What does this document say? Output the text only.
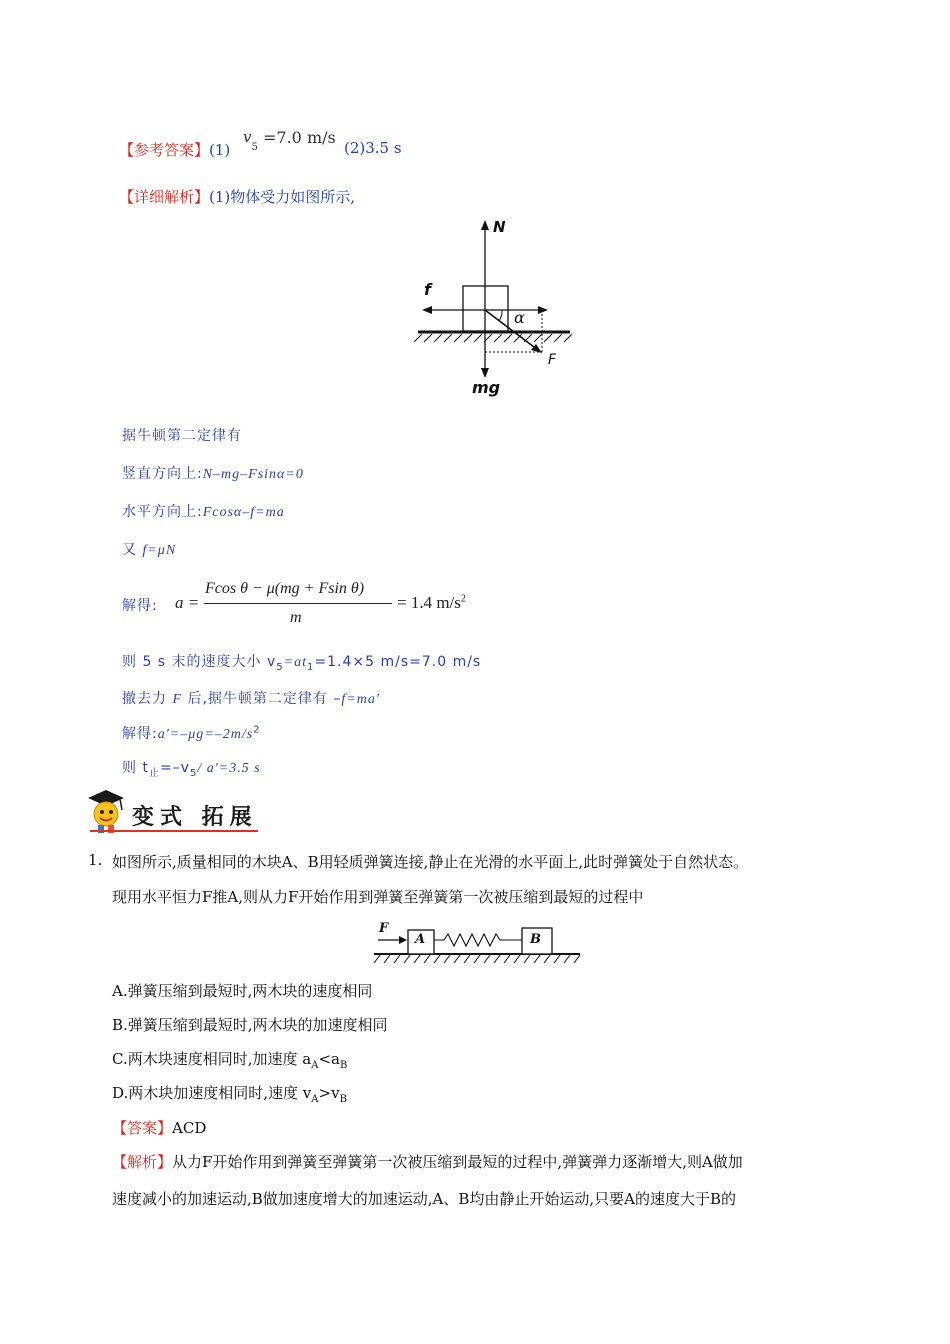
【参考答案】(1)
$v_5$
=7.0 m/s
(2)3.5 s
【详细解析】(1)物体受力如图所示,
N
f
α
F
mg
据牛顿第二定律有
竖直方向上:N–mg–Fsinα=0
水平方向上:Fcosα–f=ma
又 f=μN
解得: a =
Fcos θ − μ(mg + Fsin θ)
m
= 1.4 $m/s^2$
则 5 s 末的速度大小 $v_5=at_1=1.4\times 5$ m/s=7.0 m/s
撤去力 F 后,据牛顿第二定律有 –f=ma′
解得$:a'=-\mu g=-2m/s^2$
则 $t_止=-v_5/$ a′=3.5 s
变式 拓展
1. 如图所示,质量相同的木块A、B用轻质弹簧连接,静止在光滑的水平面上,此时弹簧处于自然状态。
现用水平恒力F推A,则从力F开始作用到弹簧至弹簧第一次被压缩到最短的过程中
F
A	B
A.弹簧压缩到最短时,两木块的速度相同
B.弹簧压缩到最短时,两木块的加速度相同
C.两木块速度相同时,加速度 $a_A<a_B$
D.两木块加速度相同时,速度 $v_A>v_B$
【答案】ACD
【解析】从力F开始作用到弹簧至弹簧第一次被压缩到最短的过程中,弹簧弹力逐渐增大,则A做加
速度减小的加速运动,B做加速度增大的加速运动,A、B均由静止开始运动,只要A的速度大于B的
